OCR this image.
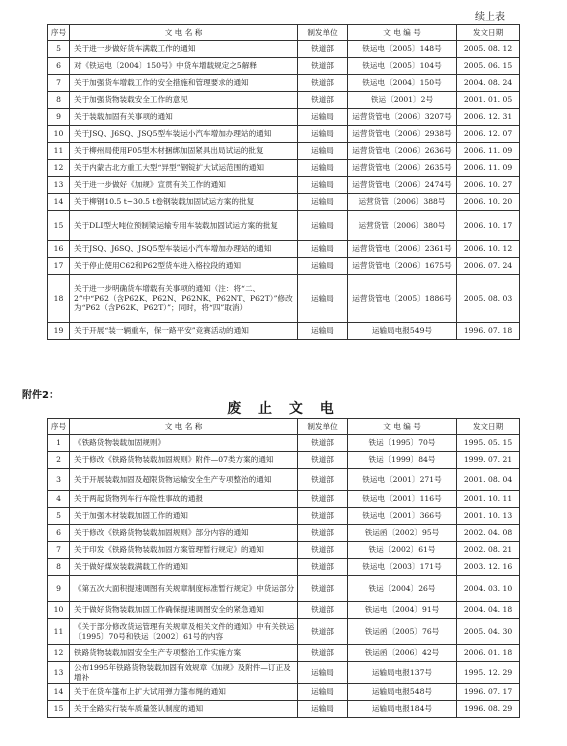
续上表
序号	文 电 名 称	制发单位	文 电 编 号	发文日期
5	关于进一步做好货车满载工作的通知	铁道部	铁运电〔2005〕148号	2005. 08. 12
6	对《铁运电〔2004〕150号》中货车增载规定之5解释	铁道部	铁运电〔2005〕104号	2005. 06. 15
7	关于加强货车增载工作的安全措施和管理要求的通知	铁道部	铁运电〔2004〕150号	2004. 08. 24
8	关于加强货物装载安全工作的意见	铁道部	铁运〔2001〕2号	2001. 01. 05
9	关于装载加固有关事项的通知	运输局	运营货管电〔2006〕3207号	2006. 12. 31
10	关于JSQ、J6SQ、JSQ5型车装运小汽车增加办理站的通知	运输局	运营货管电〔2006〕2938号	2006. 12. 07
11	关于柳州局使用F05型木材捆绑加固紧具出局试运的批复	运输局	运营货管电〔2006〕2636号	2006. 11. 09
12	关于内蒙古北方重工大型“异型”钢锭扩大试运范围的通知	运输局	运营货管电〔2006〕2635号	2006. 11. 09
13	关于进一步做好《加规》宣贯有关工作的通知	运输局	运营货管电〔2006〕2474号	2006. 10. 27
14	关于柳钢10.5 t~30.5 t卷钢装载加固试运方案的批复	运输局	运营货管〔2006〕388号	2006. 10. 20
15	关于DLI型大吨位预制梁运输专用车装载加固试运方案的批复	运输局	运营货管〔2006〕380号	2006. 10. 17
16	关于JSQ、J6SQ、JSQ5型车装运小汽车增加办理站的通知	运输局	运营货管电〔2006〕2361号	2006. 10. 12
17	关于停止使用C62和P62型货车进入格拉段的通知	运输局	运营货管电〔2006〕1675号	2006. 07. 24
18	关于进一步明确货车增载有关事项的通知（注：将“二、2”中“P62（含P62K、P62N、P62NK、P62NT、P62T）”修改为“P62（含P62K、P62T）”；同时，将“四”取消）	运输局	运营货管电〔2005〕1886号	2005. 08. 03
19	关于开展“装一辆重车，保一路平安”竞赛活动的通知	运输局	运输局电报549号	1996. 07. 18
附件2：
废 止 文 电
序号	文 电 名 称	制发单位	文 电 编 号	发文日期
1	《铁路货物装载加固规则》	铁道部	铁运〔1995〕70号	1995. 05. 15
2	关于修改《铁路货物装载加固规则》附件—07类方案的通知	铁道部	铁运〔1999〕84号	1999. 07. 21
3	关于开展装载加固及超限货物运输安全生产专项整治的通知	铁道部	铁运电〔2001〕271号	2001. 08. 04
4	关于两起货物列车行车险性事故的通报	铁道部	铁运电〔2001〕116号	2001. 10. 11
5	关于加强木材装载加固工作的通知	铁道部	铁运电〔2001〕366号	2001. 10. 13
6	关于修改《铁路货物装载加固规则》部分内容的通知	铁道部	铁运函〔2002〕95号	2002. 04. 08
7	关于印发《铁路货物装载加固方案管理暂行规定》的通知	铁道部	铁运〔2002〕61号	2002. 08. 21
8	关于做好煤炭装载满载工作的通知	铁道部	铁运电〔2003〕171号	2003. 12. 16
9	《第五次大面积提速调图有关规章制度标准暂行规定》中货运部分	铁道部	铁运〔2004〕26号	2004. 03. 10
10	关于做好货物装载加固工作确保提速调图安全的紧急通知	铁道部	铁运电〔2004〕91号	2004. 04. 18
11	《关于部分修改货运管理有关规章及相关文件的通知》中有关铁运〔1995〕70号和铁运〔2002〕61号的内容	铁道部	铁运函〔2005〕76号	2005. 04. 30
12	铁路货物装载加固安全生产专项整治工作实施方案	铁道部	铁运函〔2006〕42号	2006. 01. 18
13	公布1995年铁路货物装载加固有效规章《加规》及附件—订正及增补	运输局	运输局电报137号	1995. 12. 29
14	关于在货车篷布上扩大试用弹力篷布绳的通知	运输局	运输局电报548号	1996. 07. 17
15	关于全路实行装车质量签认制度的通知	运输局	运输局电报184号	1996. 08. 29
